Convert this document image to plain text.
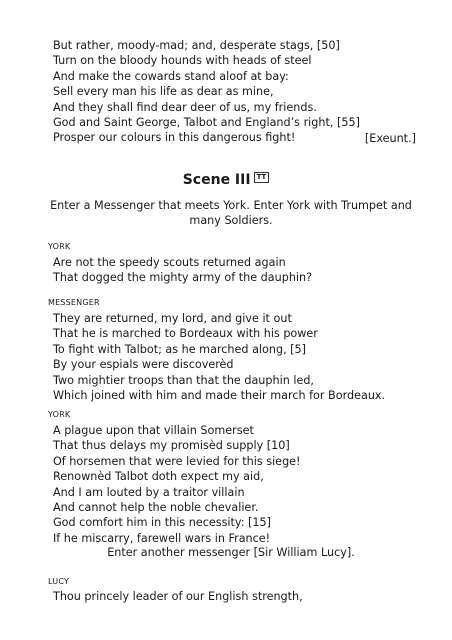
But rather, moody-mad; and, desperate stags, [50]
Turn on the bloody hounds with heads of steel
And make the cowards stand aloof at bay:
Sell every man his life as dear as mine,
And they shall find dear deer of us, my friends.
God and Saint George, Talbot and England’s right, [55]
Prosper our colours in this dangerous fight!	[Exeunt.]
Scene III TT
Enter a Messenger that meets York. Enter York with Trumpet and many Soldiers.
YORK
Are not the speedy scouts returned again
That dogged the mighty army of the dauphin?
MESSENGER
They are returned, my lord, and give it out
That he is marched to Bordeaux with his power
To fight with Talbot; as he marched along, [5]
By your espials were discoverèd
Two mightier troops than that the dauphin led,
Which joined with him and made their march for Bordeaux.
YORK
A plague upon that villain Somerset
That thus delays my promisèd supply [10]
Of horsemen that were levied for this siege!
Renownèd Talbot doth expect my aid,
And I am louted by a traitor villain
And cannot help the noble chevalier.
God comfort him in this necessity: [15]
If he miscarry, farewell wars in France!
Enter another messenger [Sir William Lucy].
LUCY
Thou princely leader of our English strength,
